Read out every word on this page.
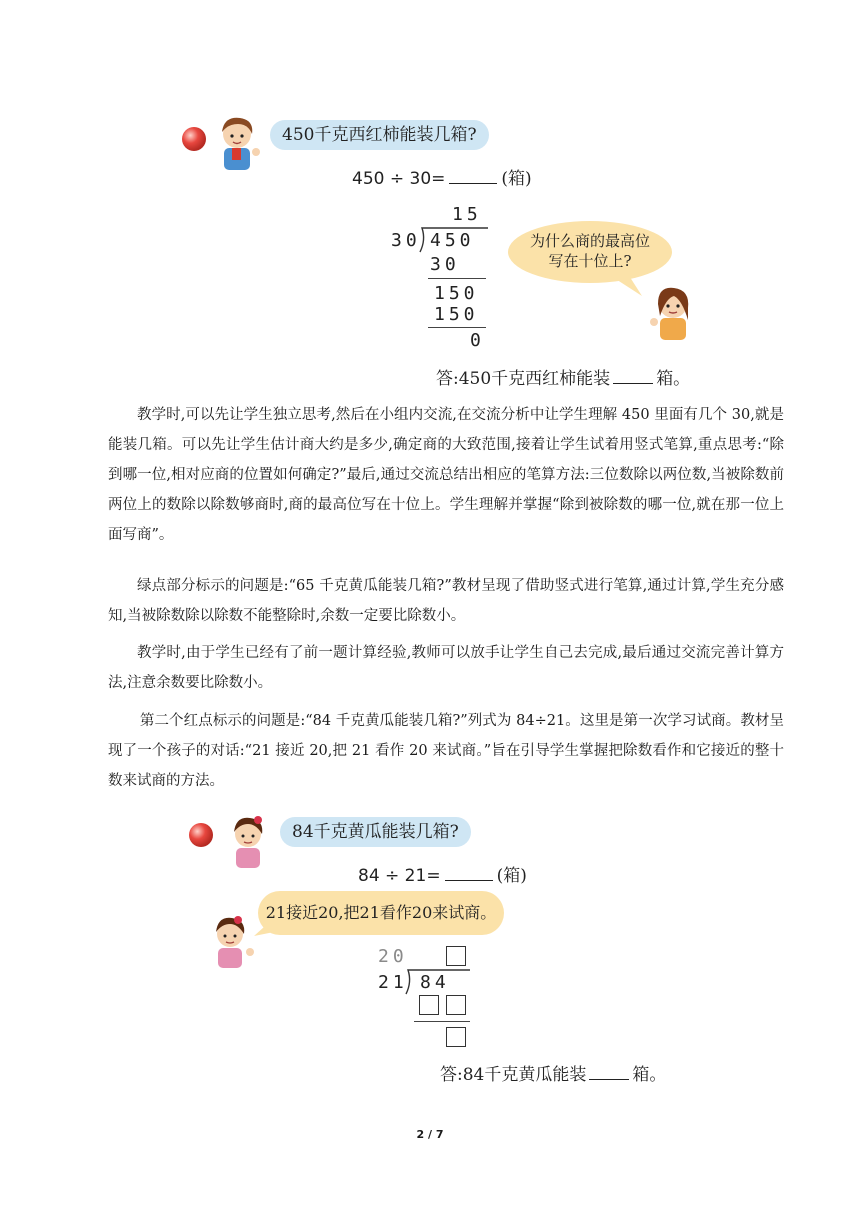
450千克西红柿能装几箱?
450 ÷ 30=	(箱)
15
30 450
30
150
150
0
为什么商的最高位
写在十位上?
答:450千克西红柿能装	箱。
教学时,可以先让学生独立思考,然后在小组内交流,在交流分析中让学生理解 450 里面有几个 30,就是能装几箱。可以先让学生估计商大约是多少,确定商的大致范围,接着让学生试着用竖式笔算,重点思考:“除到哪一位,相对应商的位置如何确定?”最后,通过交流总结出相应的笔算方法:三位数除以两位数,当被除数前两位上的数除以除数够商时,商的最高位写在十位上。学生理解并掌握“除到被除数的哪一位,就在那一位上面写商”。
绿点部分标示的问题是:“65 千克黄瓜能装几箱?”教材呈现了借助竖式进行笔算,通过计算,学生充分感知,当被除数除以除数不能整除时,余数一定要比除数小。
教学时,由于学生已经有了前一题计算经验,教师可以放手让学生自己去完成,最后通过交流完善计算方法,注意余数要比除数小。
第二个红点标示的问题是:“84 千克黄瓜能装几箱?”列式为 84÷21。这里是第一次学习试商。教材呈现了一个孩子的对话:“21 接近 20,把 21 看作 20 来试商。”旨在引导学生掌握把除数看作和它接近的整十数来试商的方法。
84千克黄瓜能装几箱?
84 ÷ 21=	(箱)
21接近20,把21看作20来试商。
20
21 84
答:84千克黄瓜能装	箱。
2 / 7
